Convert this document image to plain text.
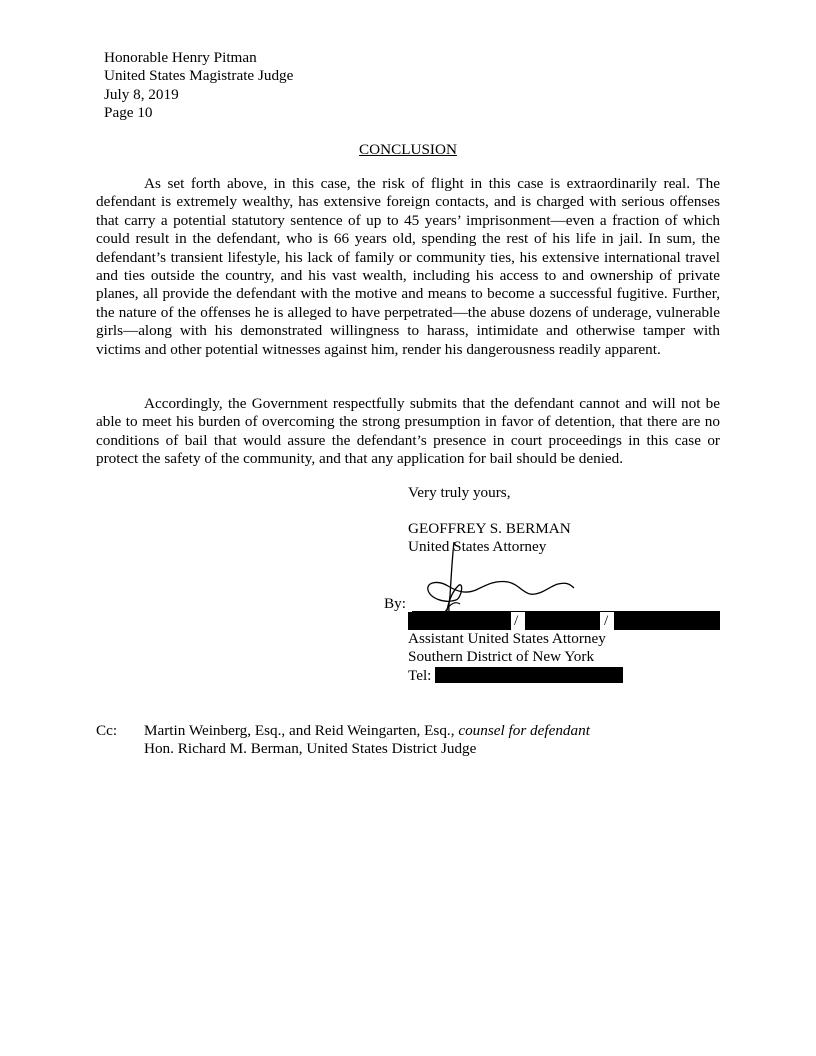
Honorable Henry Pitman
United States Magistrate Judge
July 8, 2019
Page 10
CONCLUSION

As set forth above, in this case, the risk of flight in this case is extraordinarily real. The defendant is extremely wealthy, has extensive foreign contacts, and is charged with serious offenses that carry a potential statutory sentence of up to 45 years’ imprisonment—even a fraction of which could result in the defendant, who is 66 years old, spending the rest of his life in jail. In sum, the defendant’s transient lifestyle, his lack of family or community ties, his extensive international travel and ties outside the country, and his vast wealth, including his access to and ownership of private planes, all provide the defendant with the motive and means to become a successful fugitive. Further, the nature of the offenses he is alleged to have perpetrated—the abuse dozens of underage, vulnerable girls—along with his demonstrated willingness to harass, intimidate and otherwise tamper with victims and other potential witnesses against him, render his dangerousness readily apparent.

Accordingly, the Government respectfully submits that the defendant cannot and will not be able to meet his burden of overcoming the strong presumption in favor of detention, that there are no conditions of bail that would assure the defendant’s presence in court proceedings in this case or protect the safety of the community, and that any application for bail should be denied.

Very truly yours,
GEOFFREY S. BERMAN
United States Attorney
By:
/	/
Assistant United States Attorney
Southern District of New York
Tel:
Cc: Martin Weinberg, Esq., and Reid Weingarten, Esq., counsel for defendant
Hon. Richard M. Berman, United States District Judge
